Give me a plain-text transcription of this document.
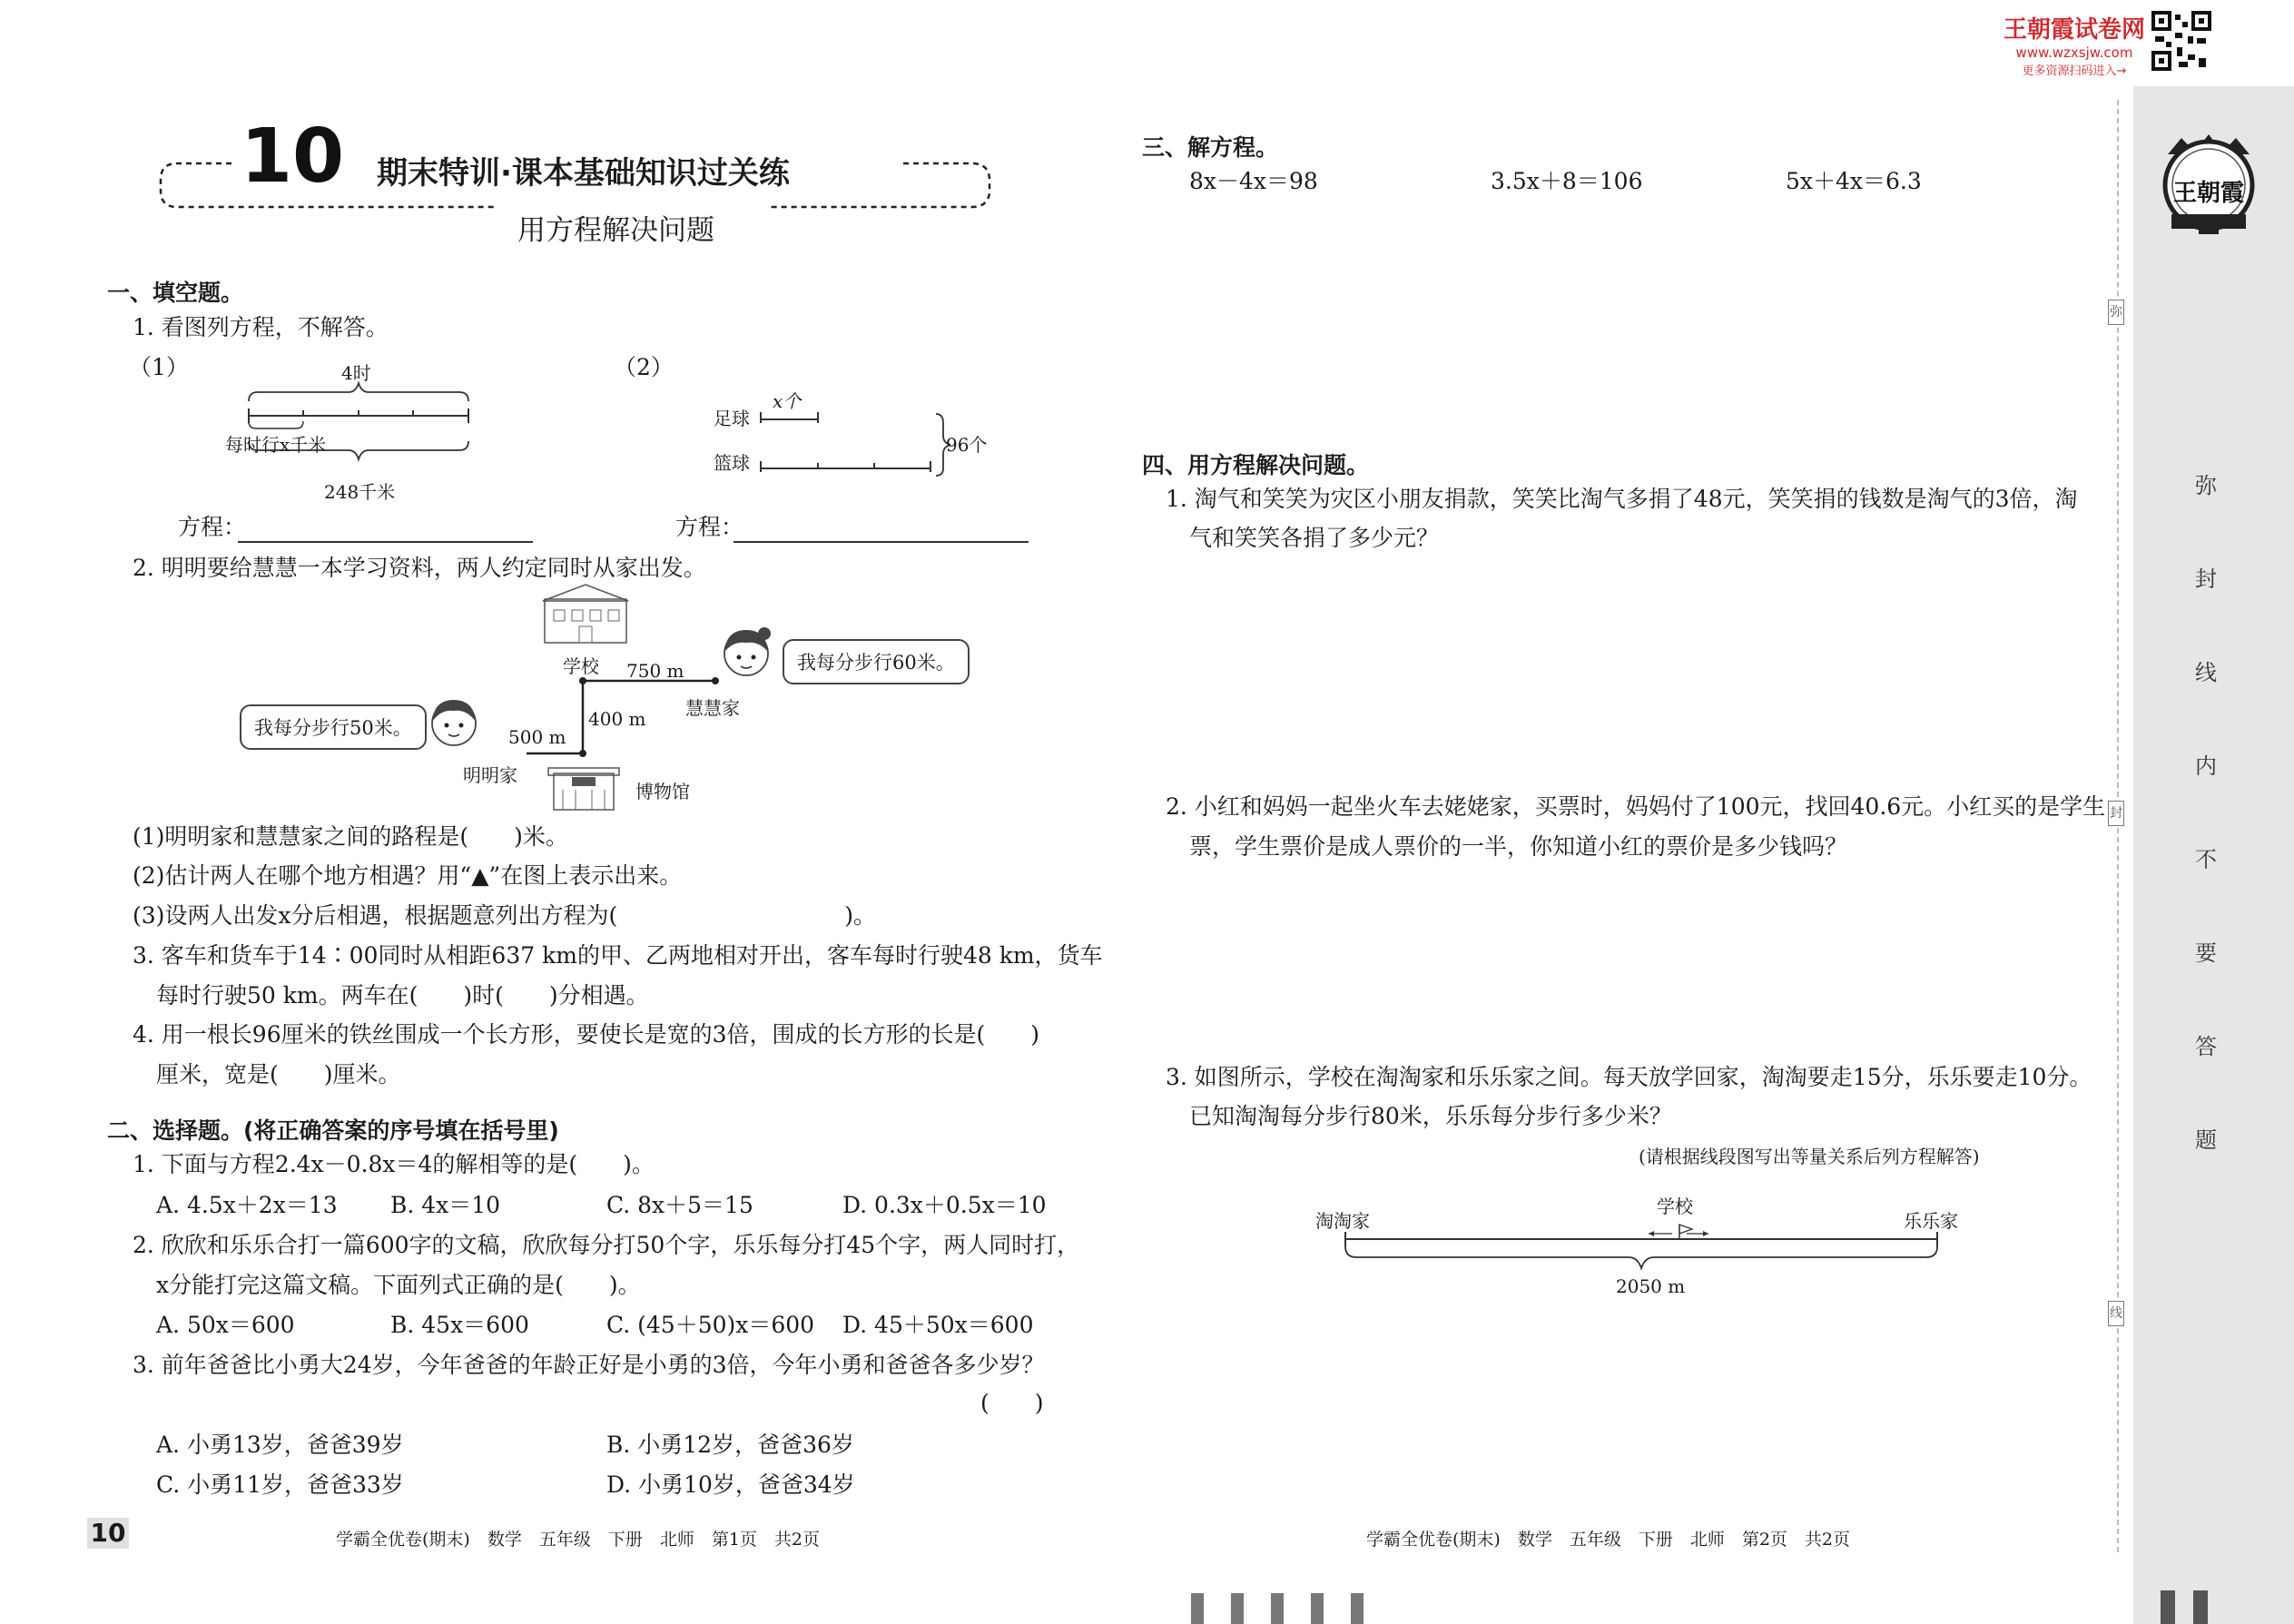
王朝霞试卷网
www.wzxsjw.com
更多资源扫码进入→
王朝霞
弥
封
线
内
不
要
答
题
弥
封
线
10 期末特训·课本基础知识过关练
用方程解决问题
一、填空题。
1. 看图列方程，不解答。
（1）	4时
每时行x千米
248千米
（2）
x个
足球
篮球
96个
方程：	方程：
2. 明明要给慧慧一本学习资料，两人约定同时从家出发。
学校 750 m
慧慧家
400 m
500 m
明明家
博物馆
我每分步行60米。
我每分步行50米。
(1)明明家和慧慧家之间的路程是(　　)米。
(2)估计两人在哪个地方相遇？用“▲”在图上表示出来。
(3)设两人出发x分后相遇，根据题意列出方程为(　　　　　　　　　　)。
3. 客车和货车于14∶00同时从相距637 km的甲、乙两地相对开出，客车每时行驶48 km，货车
每时行驶50 km。两车在(　　)时(　　)分相遇。
4. 用一根长96厘米的铁丝围成一个长方形，要使长是宽的3倍，围成的长方形的长是(　　)
厘米，宽是(　　)厘米。
二、选择题。(将正确答案的序号填在括号里)
1. 下面与方程2.4x－0.8x＝4的解相等的是(　　)。
A. 4.5x＋2x＝13 B. 4x＝10	C. 8x＋5＝15	D. 0.3x＋0.5x＝10
2. 欣欣和乐乐合打一篇600字的文稿，欣欣每分打50个字，乐乐每分打45个字，两人同时打，
x分能打完这篇文稿。下面列式正确的是(　　)。
A. 50x＝600	B. 45x＝600	C. (45＋50)x＝600 D. 45＋50x＝600
3. 前年爸爸比小勇大24岁，今年爸爸的年龄正好是小勇的3倍，今年小勇和爸爸各多少岁？
(　　)
A. 小勇13岁，爸爸39岁	B. 小勇12岁，爸爸36岁
C. 小勇11岁，爸爸33岁	D. 小勇10岁，爸爸34岁
10	学霸全优卷(期末)　数学　五年级　下册　北师　第1页　共2页
三、解方程。
8x－4x＝98	3.5x＋8＝106	5x＋4x＝6.3
四、用方程解决问题。
1. 淘气和笑笑为灾区小朋友捐款，笑笑比淘气多捐了48元，笑笑捐的钱数是淘气的3倍，淘
气和笑笑各捐了多少元？
2. 小红和妈妈一起坐火车去姥姥家，买票时，妈妈付了100元，找回40.6元。小红买的是学生
票，学生票价是成人票价的一半，你知道小红的票价是多少钱吗？
3. 如图所示，学校在淘淘家和乐乐家之间。每天放学回家，淘淘要走15分，乐乐要走10分。
已知淘淘每分步行80米，乐乐每分步行多少米？
(请根据线段图写出等量关系后列方程解答)
淘淘家
学校
乐乐家
2050 m
学霸全优卷(期末)　数学　五年级　下册　北师　第2页　共2页
